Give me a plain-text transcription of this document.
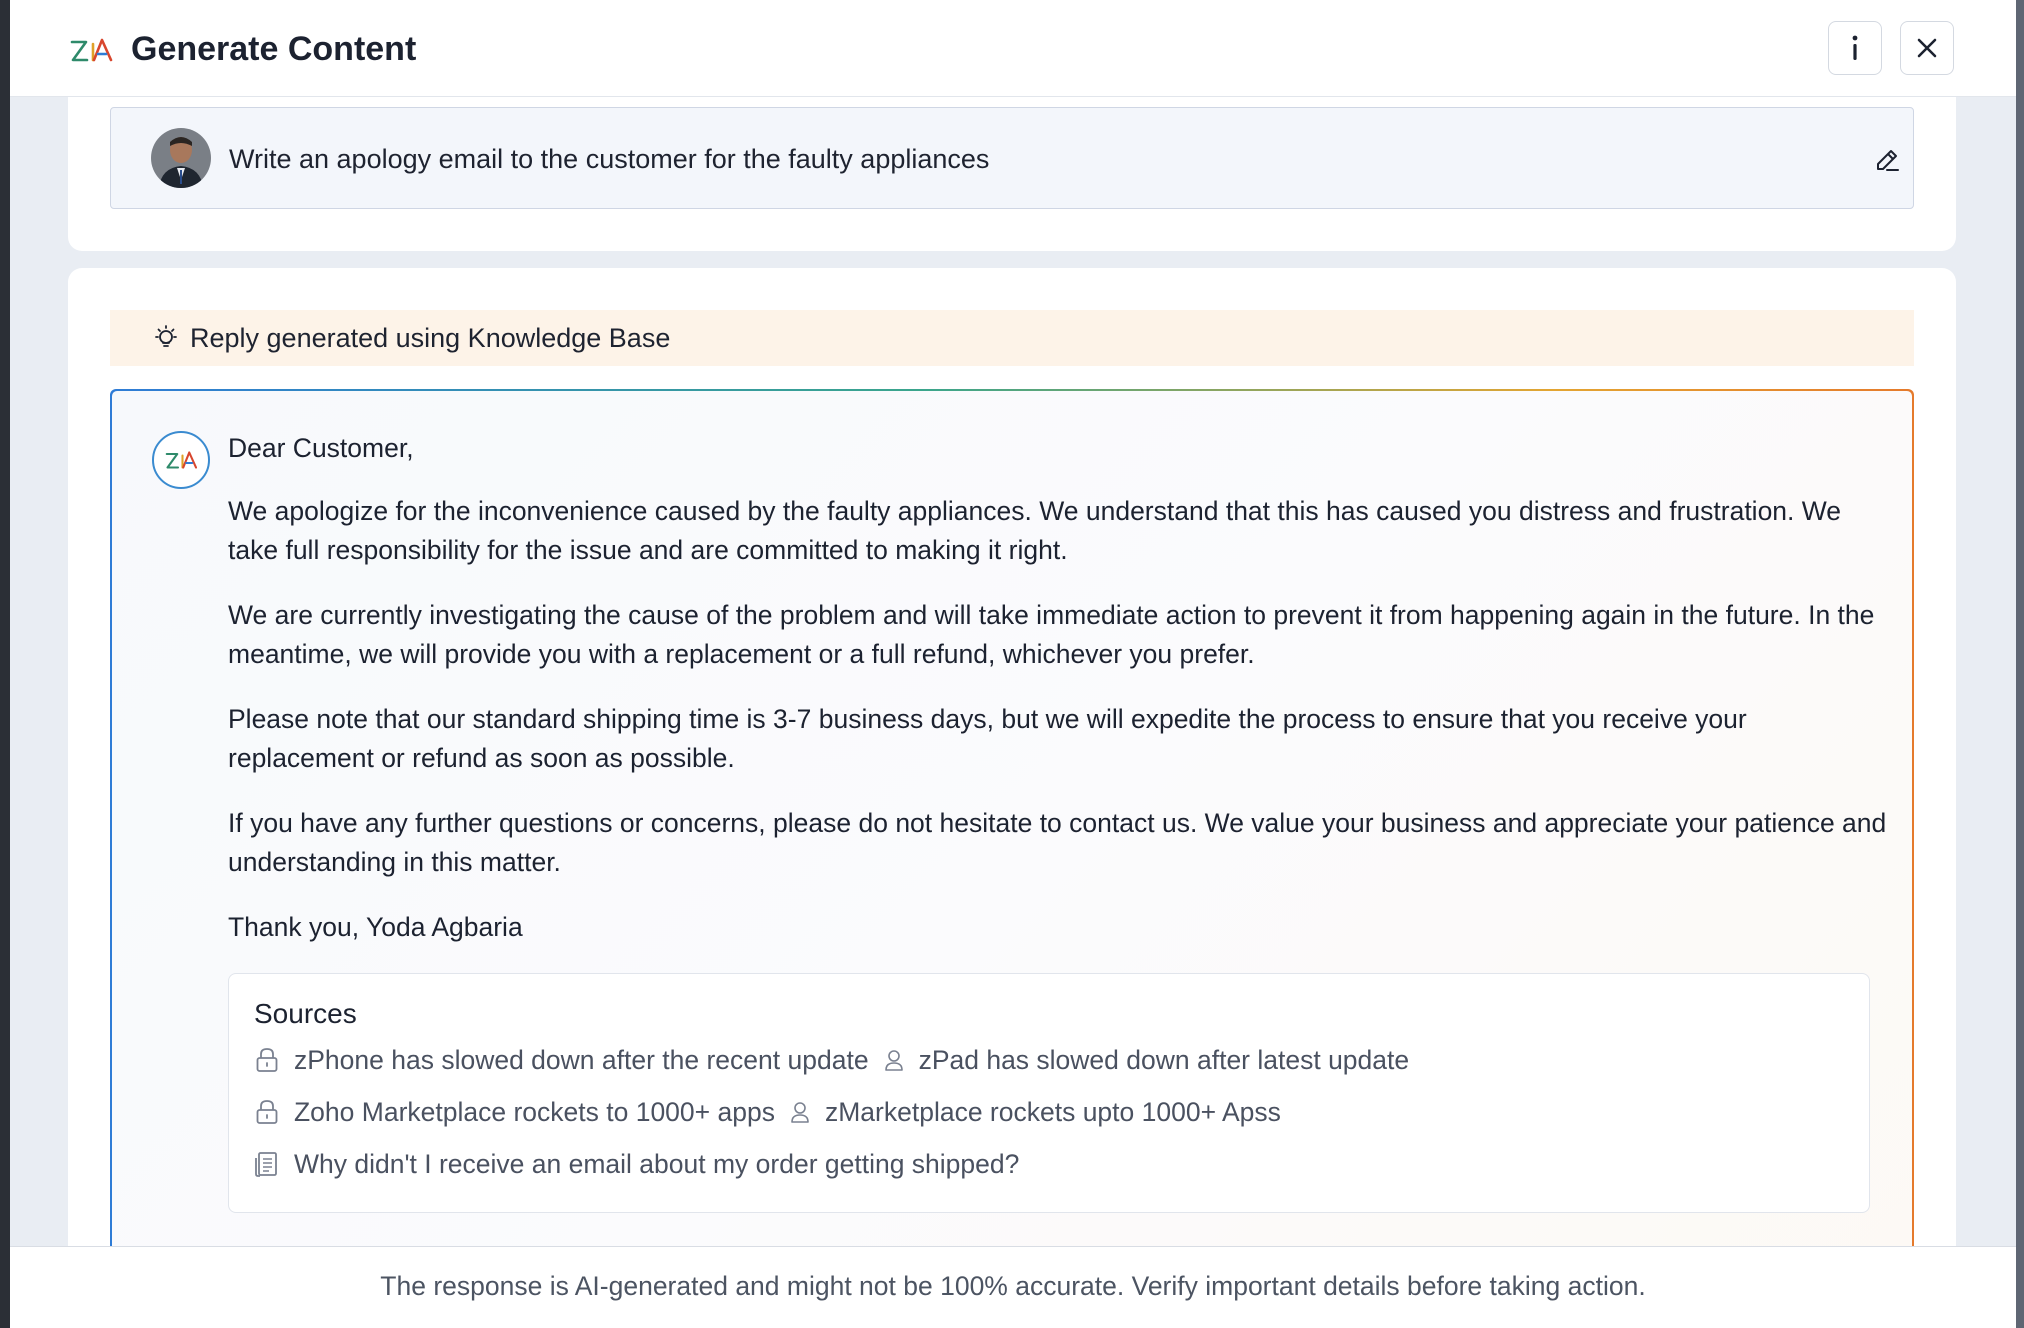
Generate Content
Write an apology email to the customer for the faulty appliances
Reply generated using Knowledge Base

Dear Customer,

We apologize for the inconvenience caused by the faulty appliances. We understand that this has caused you distress and frustration. We take full responsibility for the issue and are committed to making it right.

We are currently investigating the cause of the problem and will take immediate action to prevent it from happening again in the future. In the meantime, we will provide you with a replacement or a full refund, whichever you prefer.

Please note that our standard shipping time is 3-7 business days, but we will expedite the process to ensure that you receive your replacement or refund as soon as possible.

If you have any further questions or concerns, please do not hesitate to contact us. We value your business and appreciate your patience and understanding in this matter.

Thank you, Yoda Agbaria

Sources
zPhone has slowed down after the recent update zPad has slowed down after latest update
Zoho Marketplace rockets to 1000+ apps zMarketplace rockets upto 1000+ Apss
Why didn't I receive an email about my order getting shipped?
The response is AI-generated and might not be 100% accurate. Verify important details before taking action.
